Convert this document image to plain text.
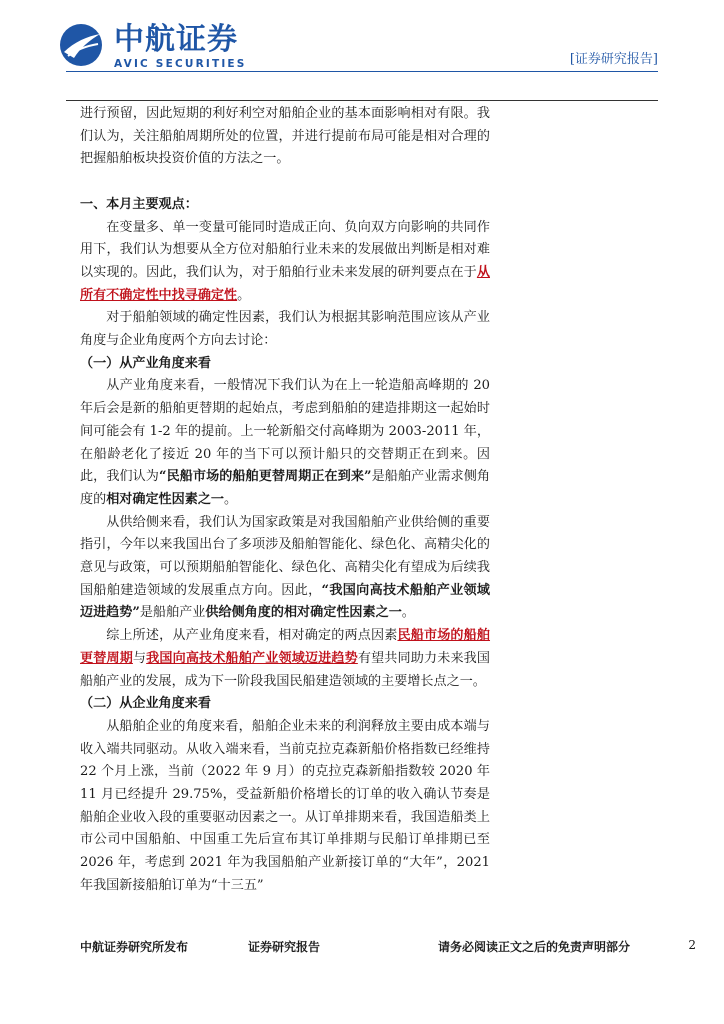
中航证券
AVIC SECURITIES	[证券研究报告]

进行预留，因此短期的利好利空对船舶企业的基本面影响相对有限。我们认为，关注船舶周期所处的位置，并进行提前布局可能是相对合理的把握船舶板块投资价值的方法之一。

一、本月主要观点：

在变量多、单一变量可能同时造成正向、负向双方向影响的共同作用下，我们认为想要从全方位对船舶行业未来的发展做出判断是相对难以实现的。因此，我们认为，对于船舶行业未来发展的研判要点在于从所有不确定性中找寻确定性。

对于船舶领域的确定性因素，我们认为根据其影响范围应该从产业角度与企业角度两个方向去讨论：

（一）从产业角度来看

从产业角度来看，一般情况下我们认为在上一轮造船高峰期的 20 年后会是新的船舶更替期的起始点，考虑到船舶的建造排期这一起始时间可能会有 1-2 年的提前。上一轮新船交付高峰期为 2003-2011 年，在船龄老化了接近 20 年的当下可以预计船只的交替期正在到来。因此，我们认为“民船市场的船舶更替周期正在到来”是船舶产业需求侧角度的相对确定性因素之一。

从供给侧来看，我们认为国家政策是对我国船舶产业供给侧的重要指引，今年以来我国出台了多项涉及船舶智能化、绿色化、高精尖化的意见与政策，可以预期船舶智能化、绿色化、高精尖化有望成为后续我国船舶建造领域的发展重点方向。因此，“我国向高技术船舶产业领域迈进趋势”是船舶产业供给侧角度的相对确定性因素之一。

综上所述，从产业角度来看，相对确定的两点因素民船市场的船舶更替周期与我国向高技术船舶产业领域迈进趋势有望共同助力未来我国船舶产业的发展，成为下一阶段我国民船建造领域的主要增长点之一。

（二）从企业角度来看

从船舶企业的角度来看，船舶企业未来的利润释放主要由成本端与收入端共同驱动。从收入端来看，当前克拉克森新船价格指数已经维持 22 个月上涨，当前（2022 年 9 月）的克拉克森新船指数较 2020 年 11 月已经提升 29.75%，受益新船价格增长的订单的收入确认节奏是船舶企业收入段的重要驱动因素之一。从订单排期来看，我国造船类上市公司中国船舶、中国重工先后宣布其订单排期与民船订单排期已至 2026 年，考虑到 2021 年为我国船舶产业新接订单的“大年”，2021 年我国新接船舶订单为“十三五”

中航证券研究所发布	证券研究报告	请务必阅读正文之后的免责声明部分	2
